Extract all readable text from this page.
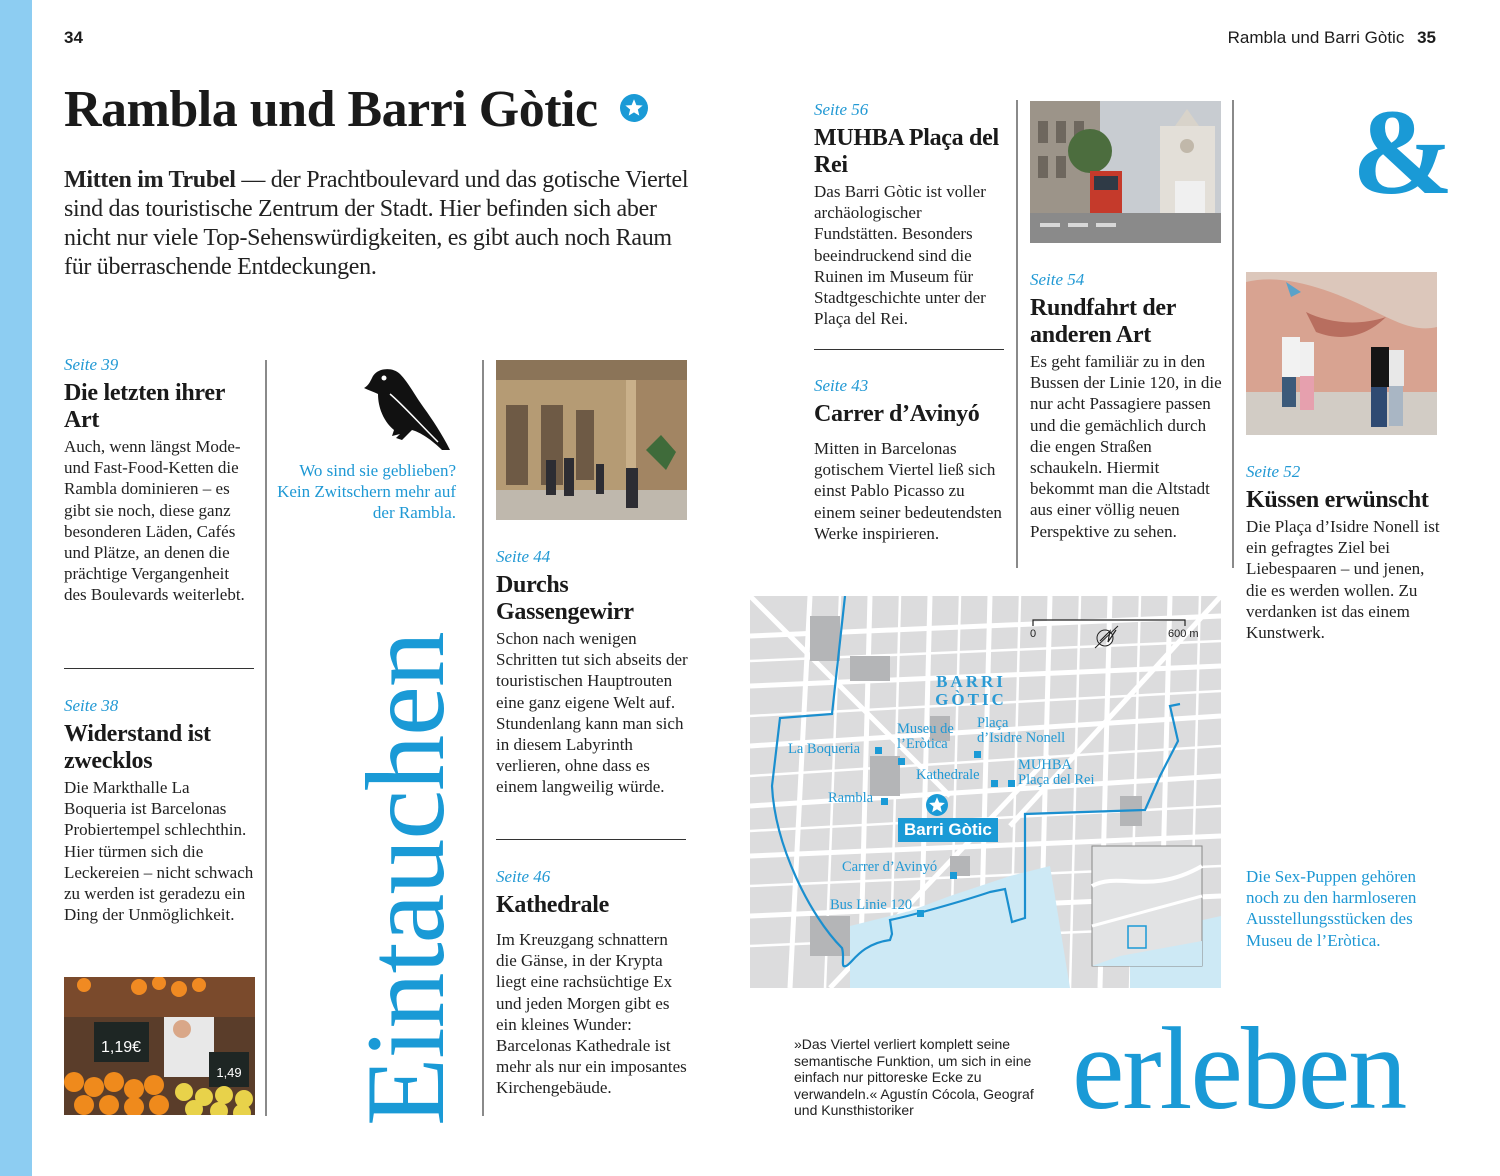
34	Rambla und Barri Gòtic 35
Rambla und Barri Gòtic
Mitten im Trubel — der Prachtboulevard und das gotische Viertel sind das touristische Zentrum der Stadt. Hier befinden sich aber nicht nur viele Top-Sehenswürdigkeiten, es gibt auch noch Raum für überraschende Entdeckungen.
Seite 39
Die letzten ihrer Art
Auch, wenn längst Mode- und Fast-Food-Ketten die Rambla dominieren – es gibt sie noch, diese ganz besonderen Läden, Cafés und Plätze, an denen die prächtige Vergangenheit des Boulevards weiterlebt.
Seite 38
Widerstand ist zwecklos
Die Markthalle La Boqueria ist Barcelonas Probiertempel schlechthin. Hier türmen sich die Leckereien – nicht schwach zu werden ist geradezu ein Ding der Unmöglichkeit.
1,19€
1,49
Wo sind sie geblieben? Kein Zwitschern mehr auf der Rambla.
Eintauchen
Seite 44
Durchs Gassengewirr
Schon nach wenigen Schritten tut sich abseits der touristischen Hauptrouten eine ganz eigene Welt auf. Stundenlang kann man sich in diesem Labyrinth verlieren, ohne dass es einem langweilig würde.
Seite 46
Kathedrale
Im Kreuzgang schnattern die Gänse, in der Krypta liegt eine rachsüchtige Ex und jeden Morgen gibt es ein kleines Wunder: Barcelonas Kathedrale ist mehr als nur ein imposantes Kirchengebäude.
Seite 56
MUHBA Plaça del Rei
Das Barri Gòtic ist voller archäologischer Fundstätten. Besonders beeindruckend sind die Ruinen im Museum für Stadtgeschichte unter der Plaça del Rei.
Seite 43
Carrer d’Avinyó
Mitten in Barcelonas gotischem Viertel ließ sich einst Pablo Picasso zu einem seiner bedeutendsten Werke inspirieren.
Seite 54
Rundfahrt der anderen Art
Es geht familiär zu in den Bussen der Linie 120, in die nur acht Passagiere passen und die gemächlich durch die engen Straßen schaukeln. Hiermit bekommt man die Altstadt aus einer völlig neuen Perspektive zu sehen.
&
Seite 52
Küssen erwünscht
Die Plaça d’Isidre Nonell ist ein gefragtes Ziel bei Liebespaaren – und jenen, die es werden wollen. Zu verdanken ist das einem Kunstwerk.
Die Sex-Puppen gehören noch zu den harmloseren Ausstellungsstücken des Museu de l’Eròtica.
0	600 m
BARRI
GÒTIC
La Boqueria
Museu de
l’Eròtica
Plaça
d’Isidre Nonell
Kathedrale
MUHBA
Plaça del Rei
Rambla
Barri Gòtic
Carrer d’Avinyó
Bus Linie 120
»Das Viertel verliert komplett seine semantische Funktion, um sich in eine einfach nur pittoreske Ecke zu verwandeln.« Agustín Cócola, Geograf und Kunsthistoriker	erleben
